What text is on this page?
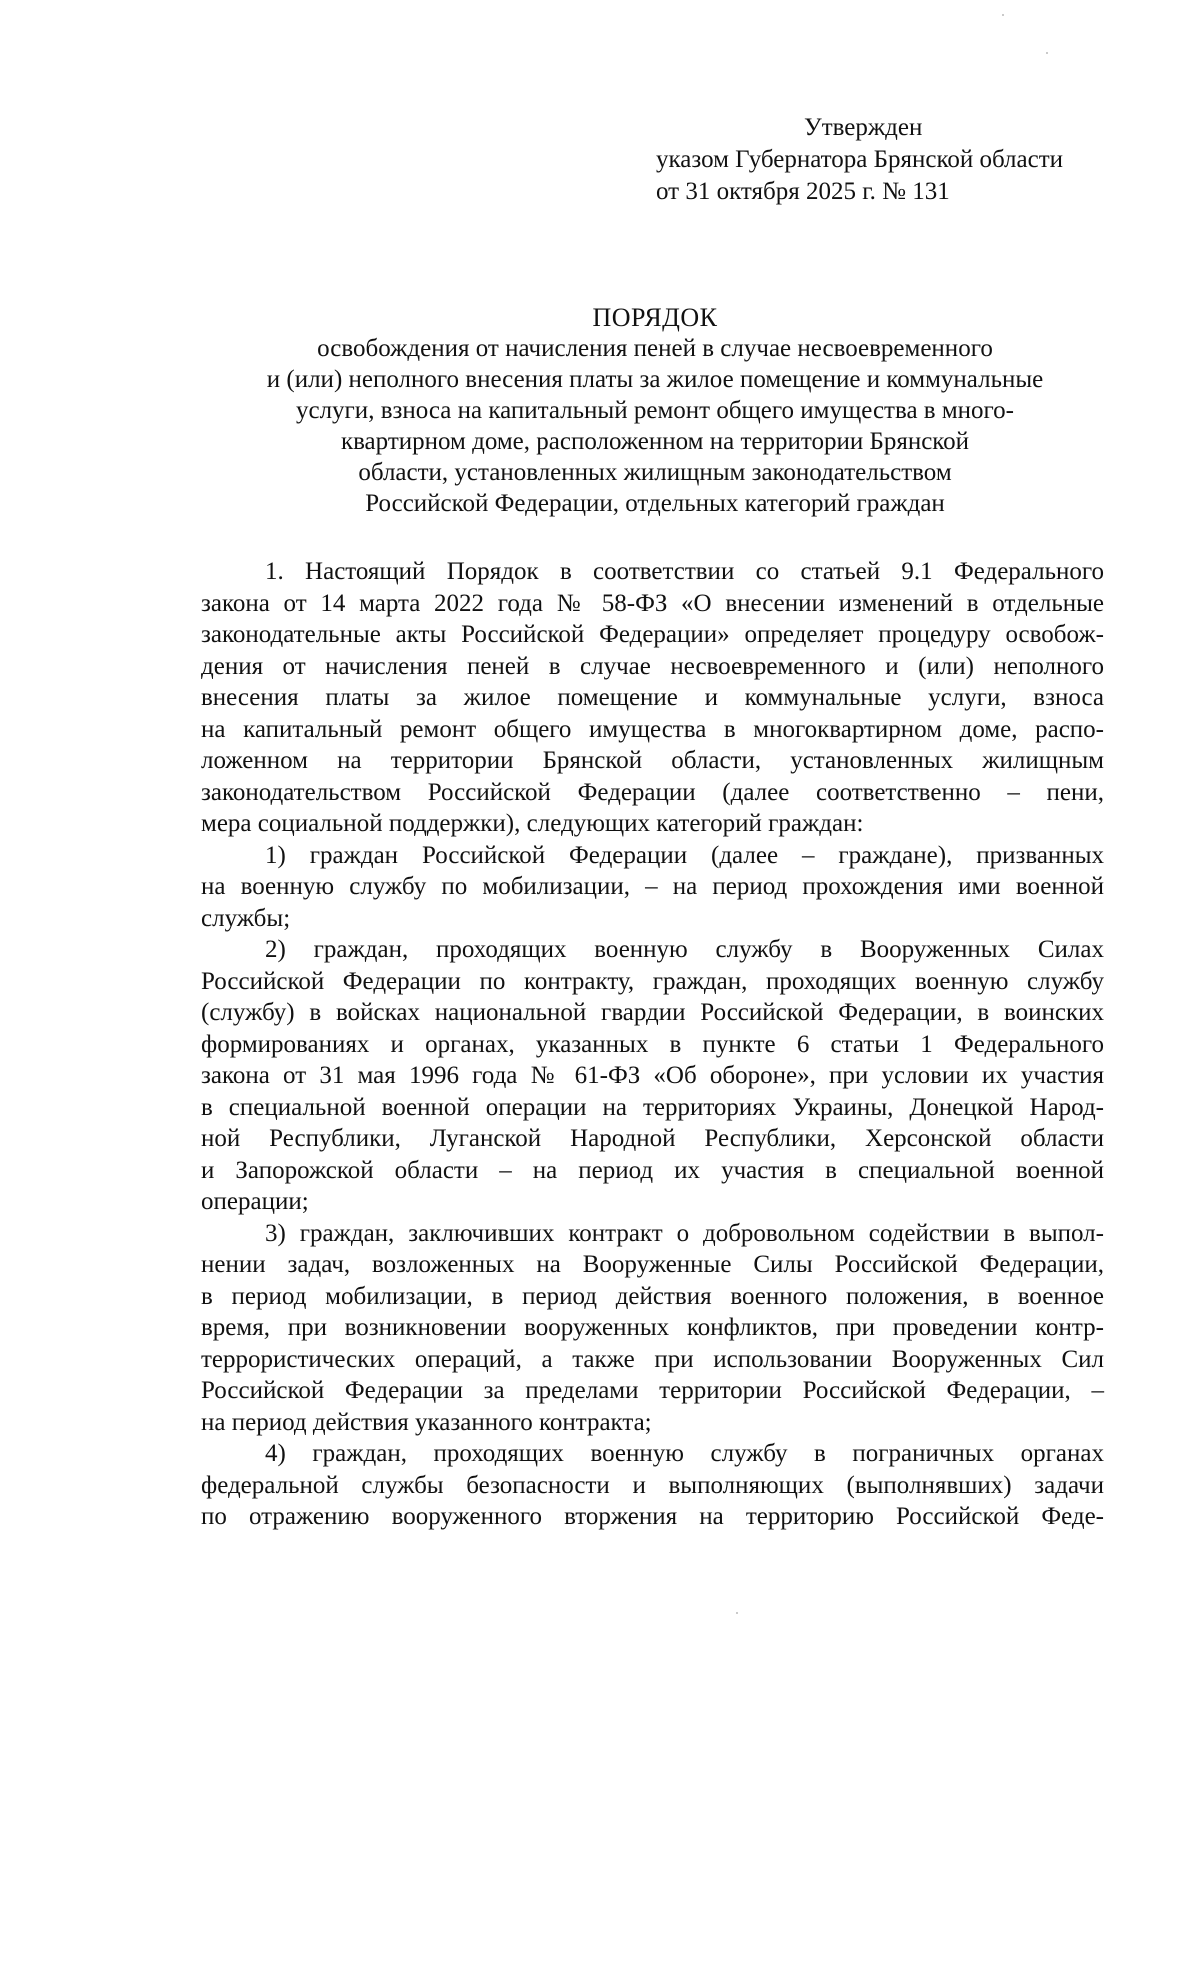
Утвержден
указом Губернатора Брянской области
от 31 октября 2025 г. № 131
ПОРЯДОК
освобождения от начисления пеней в случае несвоевременного
и (или) неполного внесения платы за жилое помещение и коммунальные
услуги, взноса на капитальный ремонт общего имущества в много-
квартирном доме, расположенном на территории Брянской
области, установленных жилищным законодательством
Российской Федерации, отдельных категорий граждан

1. Настоящий Порядок в соответствии со статьей 9.1 Федерального
закона от 14 марта 2022 года № 58-ФЗ «О внесении изменений в отдельные
законодательные акты Российской Федерации» определяет процедуру освобож-
дения от начисления пеней в случае несвоевременного и (или) неполного
внесения платы за жилое помещение и коммунальные услуги, взноса
на капитальный ремонт общего имущества в многоквартирном доме, распо-
ложенном на территории Брянской области, установленных жилищным
законодательством Российской Федерации (далее соответственно – пени,
мера социальной поддержки), следующих категорий граждан:

1) граждан Российской Федерации (далее – граждане), призванных
на военную службу по мобилизации, – на период прохождения ими военной
службы;

2) граждан, проходящих военную службу в Вооруженных Силах
Российской Федерации по контракту, граждан, проходящих военную службу
(службу) в войсках национальной гвардии Российской Федерации, в воинских
формированиях и органах, указанных в пункте 6 статьи 1 Федерального
закона от 31 мая 1996 года № 61-ФЗ «Об обороне», при условии их участия
в специальной военной операции на территориях Украины, Донецкой Народ-
ной Республики, Луганской Народной Республики, Херсонской области
и Запорожской области – на период их участия в специальной военной
операции;

3) граждан, заключивших контракт о добровольном содействии в выпол-
нении задач, возложенных на Вооруженные Силы Российской Федерации,
в период мобилизации, в период действия военного положения, в военное
время, при возникновении вооруженных конфликтов, при проведении контр-
террористических операций, а также при использовании Вооруженных Сил
Российской Федерации за пределами территории Российской Федерации, –
на период действия указанного контракта;

4) граждан, проходящих военную службу в пограничных органах
федеральной службы безопасности и выполняющих (выполнявших) задачи
по отражению вооруженного вторжения на территорию Российской Феде-
